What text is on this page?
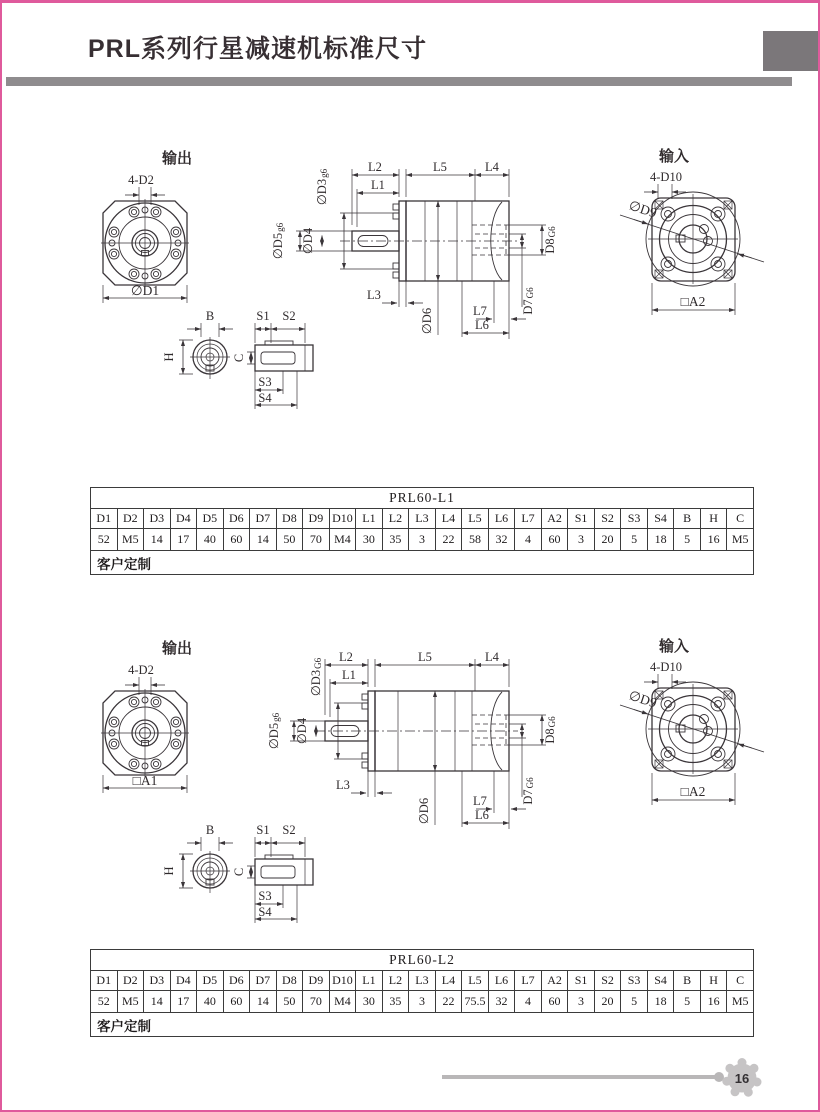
PRL系列行星减速机标准尺寸
输出
4-D2
∅D1
L2	L5	L4
L1
∅D3g6
∅D5g6
∅D4
L3
∅D6	L7
L6
D8G6
D7G6
输入
4-D10
∅D9
□A2
B
H
S1 S2
C
S3
S4
PRL60-L1																								
D1	D2	D3	D4	D5	D6	D7	D8	D9	D10	L1	L2	L3	L4	L5	L6	L7	A2	S1	S2	S3	S4	B	H	C
52	M5	14	17	40	60	14	50	70	M4	30	35	3	22	58	32	4	60	3	20	5	18	5	16	M5
客户定制																								
输出
4-D2
□A1
L2	L5	L4
L1
∅D3G6
∅D5g6
∅D4
L3
∅D6	L7
L6
D8G6
D7G6
输入
4-D10
∅D9
□A2
B
H
S1 S2
C
S3
S4
PRL60-L2																								
D1	D2	D3	D4	D5	D6	D7	D8	D9	D10	L1	L2	L3	L4	L5	L6	L7	A2	S1	S2	S3	S4	B	H	C
52	M5	14	17	40	60	14	50	70	M4	30	35	3	22	75.5	32	4	60	3	20	5	18	5	16	M5
客户定制																								
16
